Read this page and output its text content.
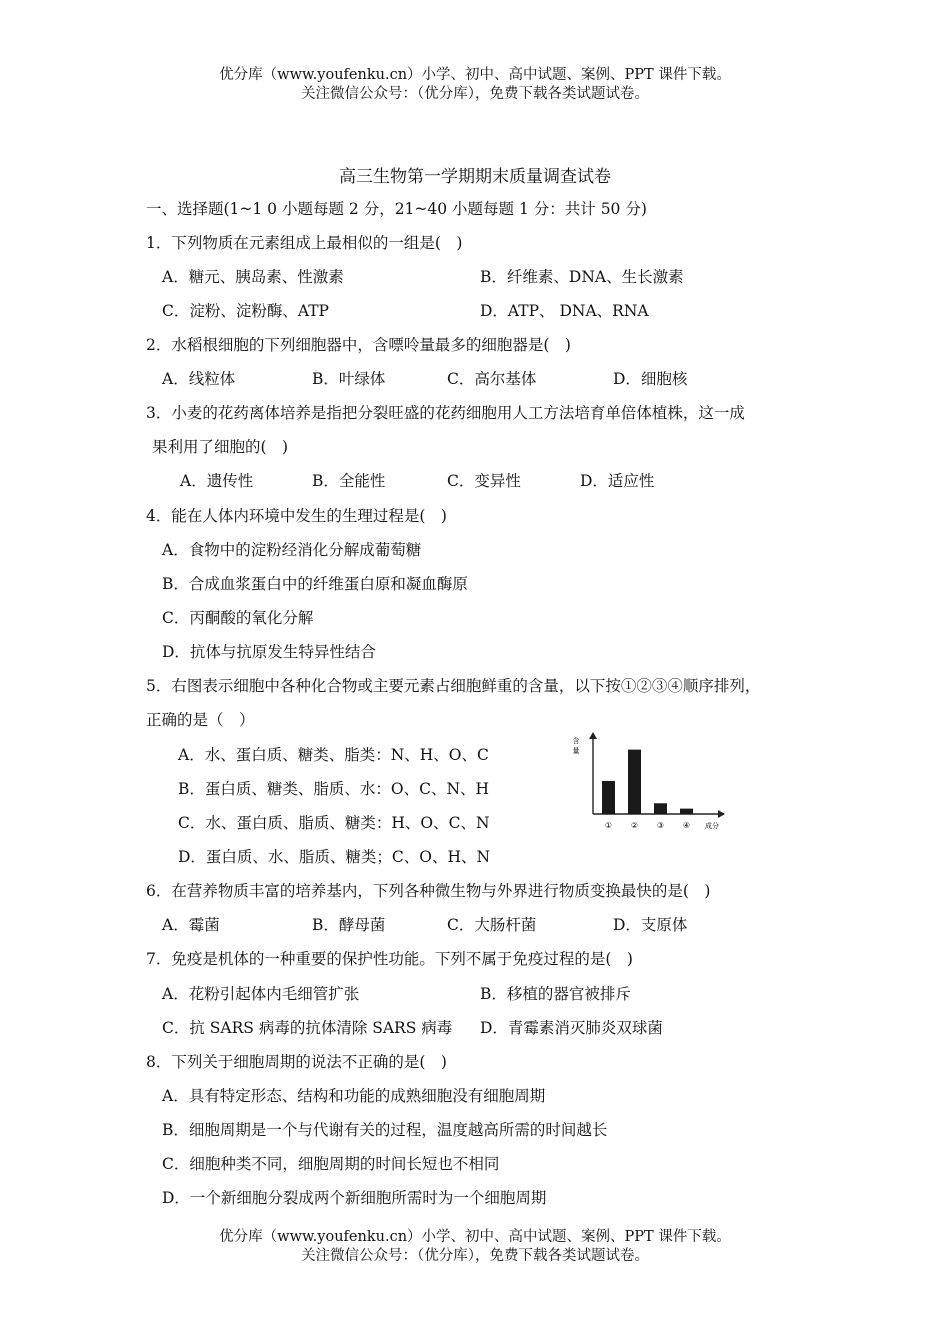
优分库（www.youfenku.cn）小学、初中、高中试题、案例、PPT 课件下载。
关注微信公众号：（优分库），免费下载各类试题试卷。
高三生物第一学期期末质量调查试卷
一、选择题(1~1 0 小题每题 2 分，21~40 小题每题 1 分：共计 50 分)
1．下列物质在元素组成上最相似的一组是(　)
A．糖元、胰岛素、性激素	B．纤维素、DNA、生长激素
C．淀粉、淀粉酶、ATP	D．ATP、 DNA、RNA
2．水稻根细胞的下列细胞器中，含嘌呤量最多的细胞器是(　)
A．线粒体	B．叶绿体	C．高尔基体	D．细胞核
3．小麦的花药离体培养是指把分裂旺盛的花药细胞用人工方法培育单倍体植株，这一成
果利用了细胞的(　)
A．遗传性	B．全能性	C．变异性	D．适应性
4．能在人体内环境中发生的生理过程是(　)
A．食物中的淀粉经消化分解成葡萄糖
B．合成血浆蛋白中的纤维蛋白原和凝血酶原
C．丙酮酸的氧化分解
D．抗体与抗原发生特异性结合
5．右图表示细胞中各种化合物或主要元素占细胞鲜重的含量，以下按①②③④顺序排列，
正确的是（　）
A．水、蛋白质、糖类、脂类：N、H、O、C
B．蛋白质、糖类、脂质、水：O、C、N、H
C．水、蛋白质、脂质、糖类：H、O、C、N
D．蛋白质、水、脂质、糖类；C、O、H、N
含
量
① ② ③ ④ 成分
6．在营养物质丰富的培养基内，下列各种微生物与外界进行物质变换最快的是(　)
A．霉菌	B．酵母菌	C．大肠杆菌	D．支原体
7．免疫是机体的一种重要的保护性功能。下列不属于免疫过程的是(　)
A．花粉引起体内毛细管扩张	B．移植的器官被排斥
C．抗 SARS 病毒的抗体清除 SARS 病毒 D．青霉素消灭肺炎双球菌
8．下列关于细胞周期的说法不正确的是(　)
A．具有特定形态、结构和功能的成熟细胞没有细胞周期
B．细胞周期是一个与代谢有关的过程，温度越高所需的时间越长
C．细胞种类不同，细胞周期的时间长短也不相同
D．一个新细胞分裂成两个新细胞所需时为一个细胞周期
优分库（www.youfenku.cn）小学、初中、高中试题、案例、PPT 课件下载。
关注微信公众号：（优分库），免费下载各类试题试卷。
